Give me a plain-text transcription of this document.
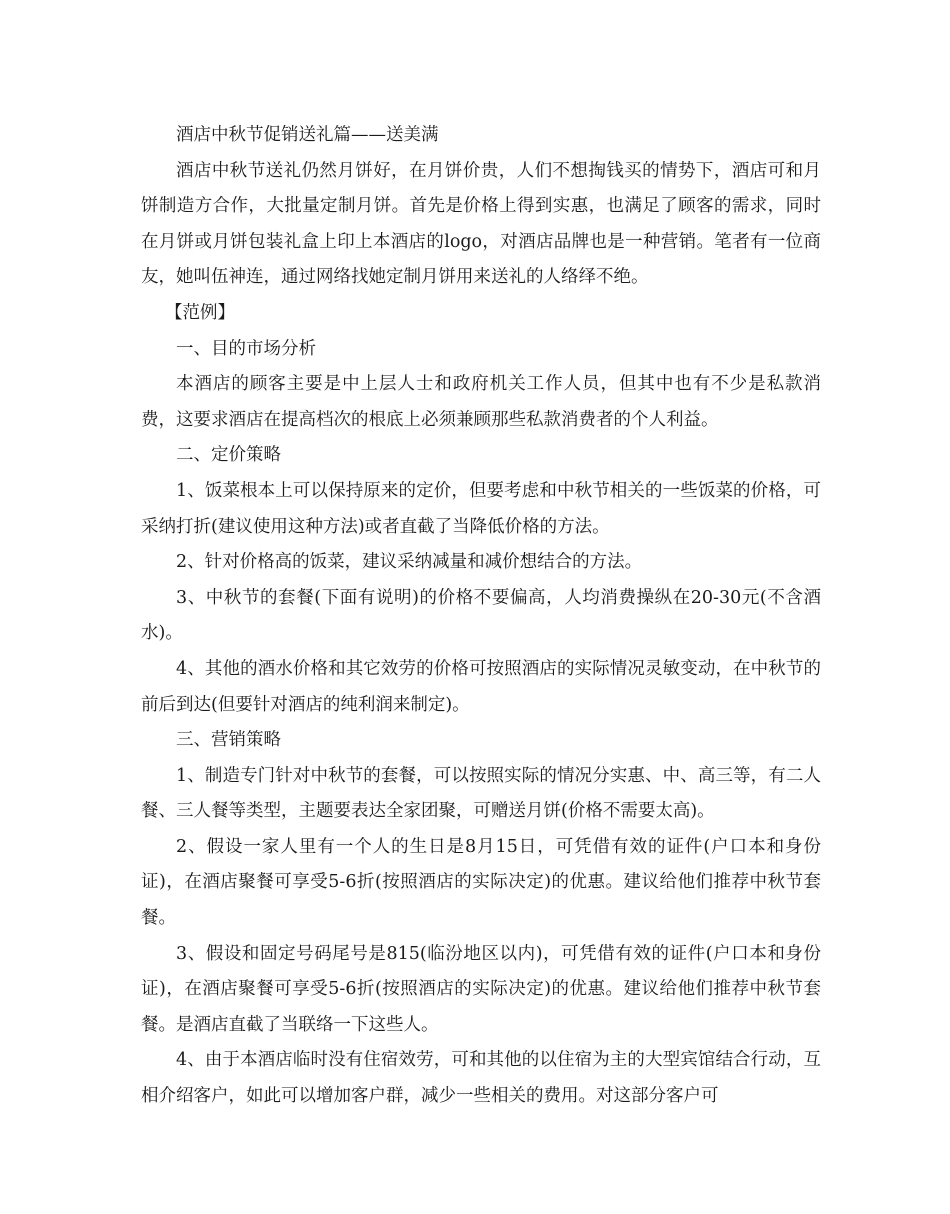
酒店中秋节促销送礼篇——送美满

酒店中秋节送礼仍然月饼好，在月饼价贵，人们不想掏钱买的情势下，酒店可和月饼制造方合作，大批量定制月饼。首先是价格上得到实惠，也满足了顾客的需求，同时在月饼或月饼包装礼盒上印上本酒店的logo，对酒店品牌也是一种营销。笔者有一位商友，她叫伍神连，通过网络找她定制月饼用来送礼的人络绎不绝。

【范例】

一、目的市场分析

本酒店的顾客主要是中上层人士和政府机关工作人员，但其中也有不少是私款消费，这要求酒店在提高档次的根底上必须兼顾那些私款消费者的个人利益。

二、定价策略

1、饭菜根本上可以保持原来的定价，但要考虑和中秋节相关的一些饭菜的价格，可采纳打折(建议使用这种方法)或者直截了当降低价格的方法。

2、针对价格高的饭菜，建议采纳减量和减价想结合的方法。

3、中秋节的套餐(下面有说明)的价格不要偏高，人均消费操纵在20-30元(不含酒水)。

4、其他的酒水价格和其它效劳的价格可按照酒店的实际情况灵敏变动，在中秋节的前后到达(但要针对酒店的纯利润来制定)。

三、营销策略

1、制造专门针对中秋节的套餐，可以按照实际的情况分实惠、中、高三等，有二人餐、三人餐等类型，主题要表达全家团聚，可赠送月饼(价格不需要太高)。

2、假设一家人里有一个人的生日是8月15日，可凭借有效的证件(户口本和身份证)，在酒店聚餐可享受5-6折(按照酒店的实际决定)的优惠。建议给他们推荐中秋节套餐。

3、假设和固定号码尾号是815(临汾地区以内)，可凭借有效的证件(户口本和身份证)，在酒店聚餐可享受5-6折(按照酒店的实际决定)的优惠。建议给他们推荐中秋节套餐。是酒店直截了当联络一下这些人。

4、由于本酒店临时没有住宿效劳，可和其他的以住宿为主的大型宾馆结合行动，互相介绍客户，如此可以增加客户群，减少一些相关的费用。对这部分客户可
